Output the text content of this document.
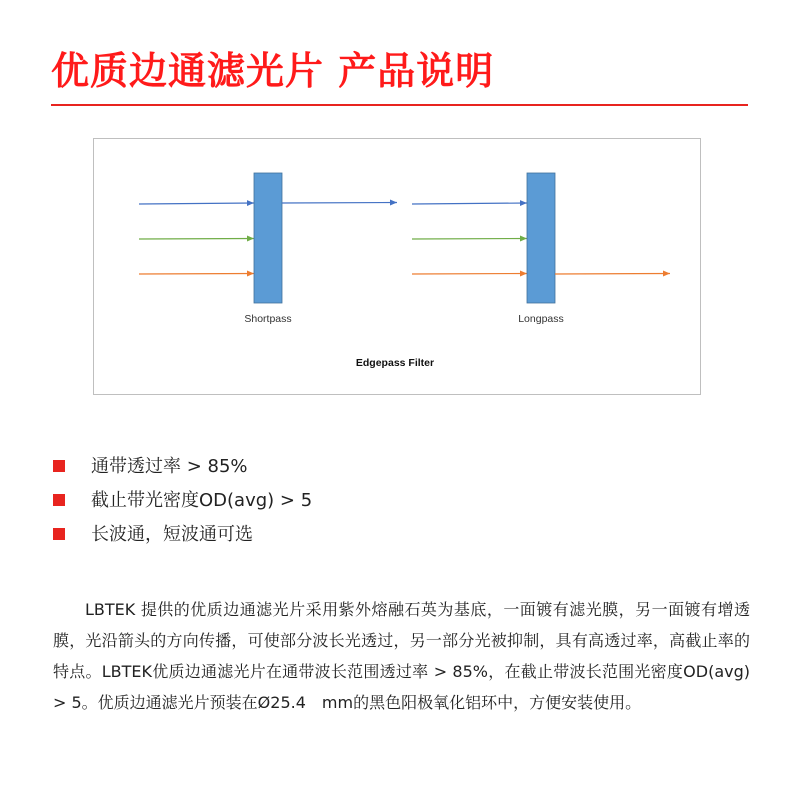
优质边通滤光片 产品说明
Shortpass	Longpass
Edgepass Filter
通带透过率 > 85%
截止带光密度OD(avg) > 5
长波通，短波通可选

LBTEK 提供的优质边通滤光片采用紫外熔融石英为基底，一面镀有滤光膜，另一面镀有增透膜，光沿箭头的方向传播，可使部分波长光透过，另一部分光被抑制，具有高透过率，高截止率的特点。LBTEK优质边通滤光片在通带波长范围透过率 > 85%，在截止带波长范围光密度OD(avg) > 5。优质边通滤光片预装在Ø25.4　mm的黑色阳极氧化铝环中，方便安装使用。
